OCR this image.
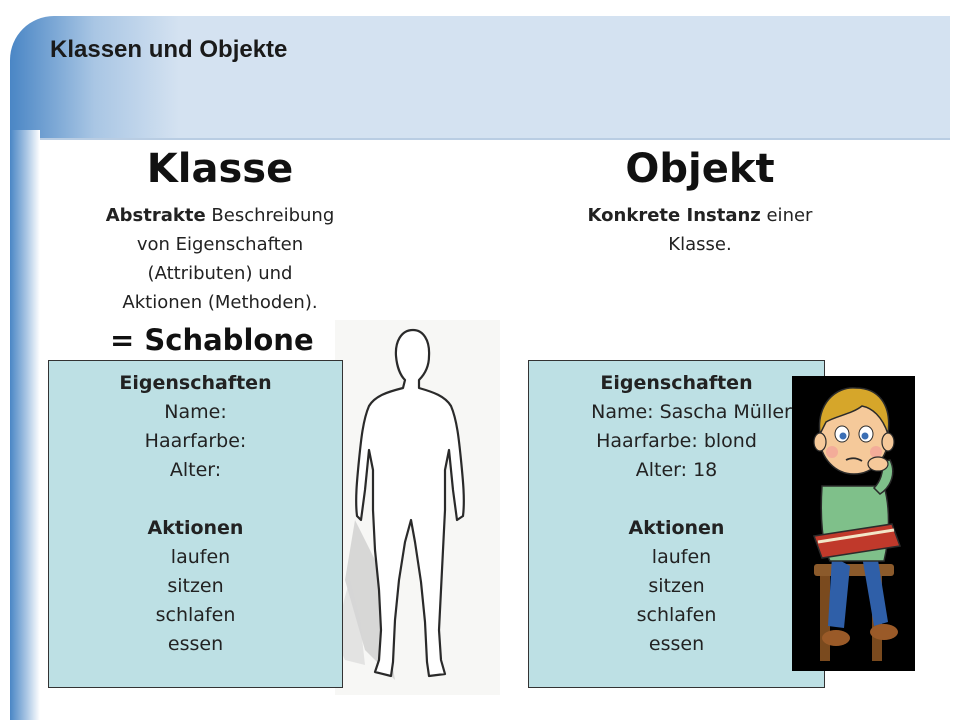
Klassen und Objekte
Klasse
Abstrakte Beschreibung
von Eigenschaften
(Attributen) und
Aktionen (Methoden).
= Schablone
Eigenschaften
Name:
Haarfarbe:
Alter:
Aktionen
laufen
sitzen
schlafen
essen
Objekt
Konkrete Instanz einer
Klasse.
Eigenschaften
Name: Sascha Müller
Haarfarbe: blond
Alter: 18
Aktionen
laufen
sitzen
schlafen
essen
